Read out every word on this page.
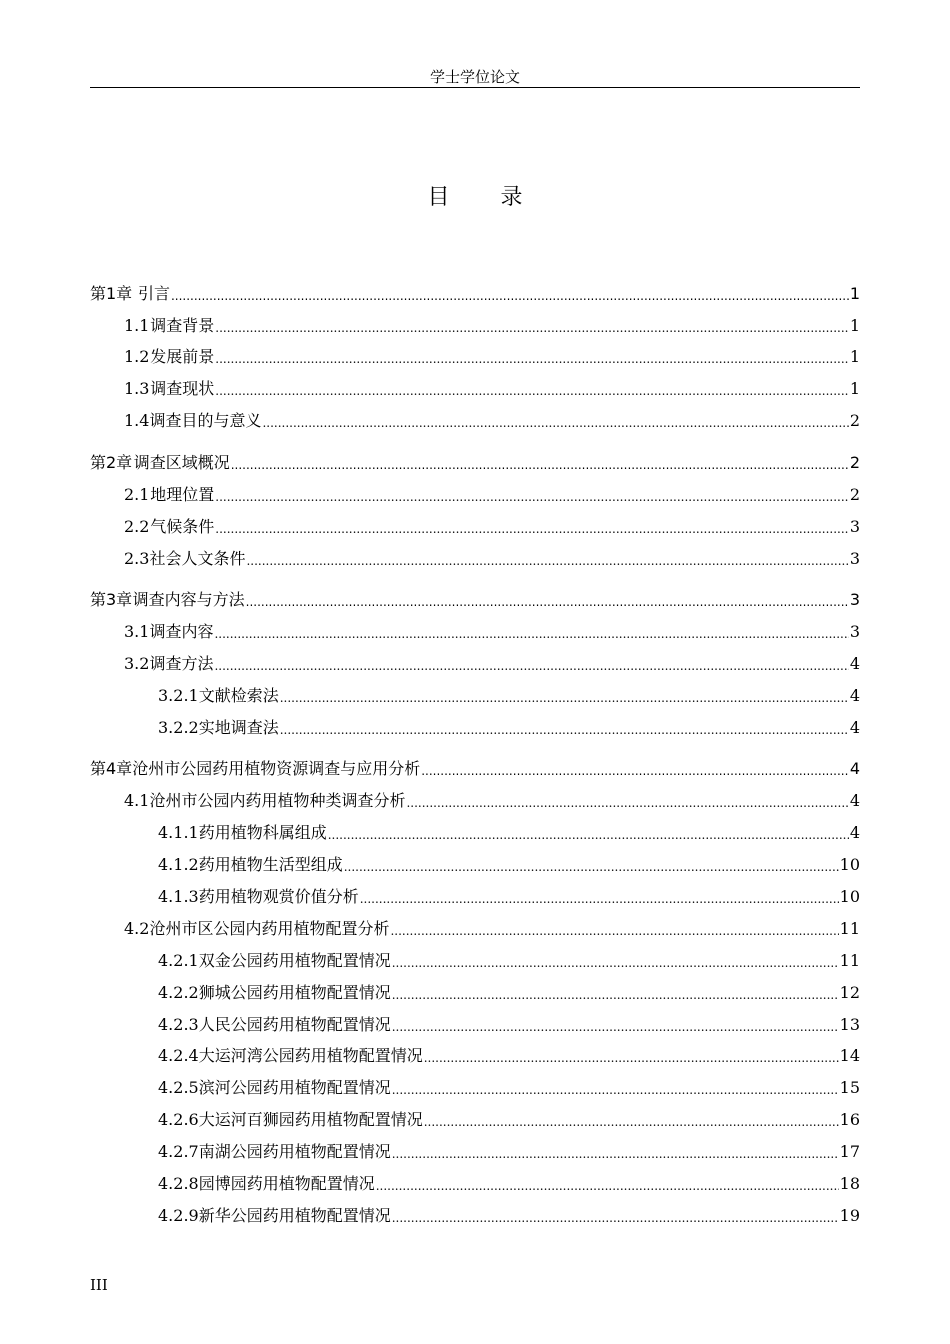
学士学位论文
目 录
第1章 引言 .....	1
1.1 调查背景 .....	1
1.2 发展前景 .....	1
1.3 调查现状 .....	1
1.4 调查目的与意义 .....	2
第2章 调查区域概况 .....	2
2.1 地理位置 .....	2
2.2 气候条件 .....	3
2.3 社会人文条件 .....	3
第3章 调查内容与方法 .....	3
3.1 调查内容 .....	3
3.2 调查方法 .....	4
3.2.1 文献检索法 .....	4
3.2.2 实地调查法 .....	4
第4章 沧州市公园药用植物资源调查与应用分析 .....	4
4.1 沧州市公园内药用植物种类调查分析 .....	4
4.1.1 药用植物科属组成 .....	4
4.1.2 药用植物生活型组成 .....	10
4.1.3 药用植物观赏价值分析 .....	10
4.2 沧州市区公园内药用植物配置分析 .....	11
4.2.1 双金公园药用植物配置情况 .....	11
4.2.2 狮城公园药用植物配置情况 .....	12
4.2.3 人民公园药用植物配置情况 .....	13
4.2.4 大运河湾公园药用植物配置情况 .....	14
4.2.5 滨河公园药用植物配置情况 .....	15
4.2.6 大运河百狮园药用植物配置情况 .....	16
4.2.7 南湖公园药用植物配置情况 .....	17
4.2.8 园博园药用植物配置情况 .....	18
4.2.9 新华公园药用植物配置情况 .....	19
III
